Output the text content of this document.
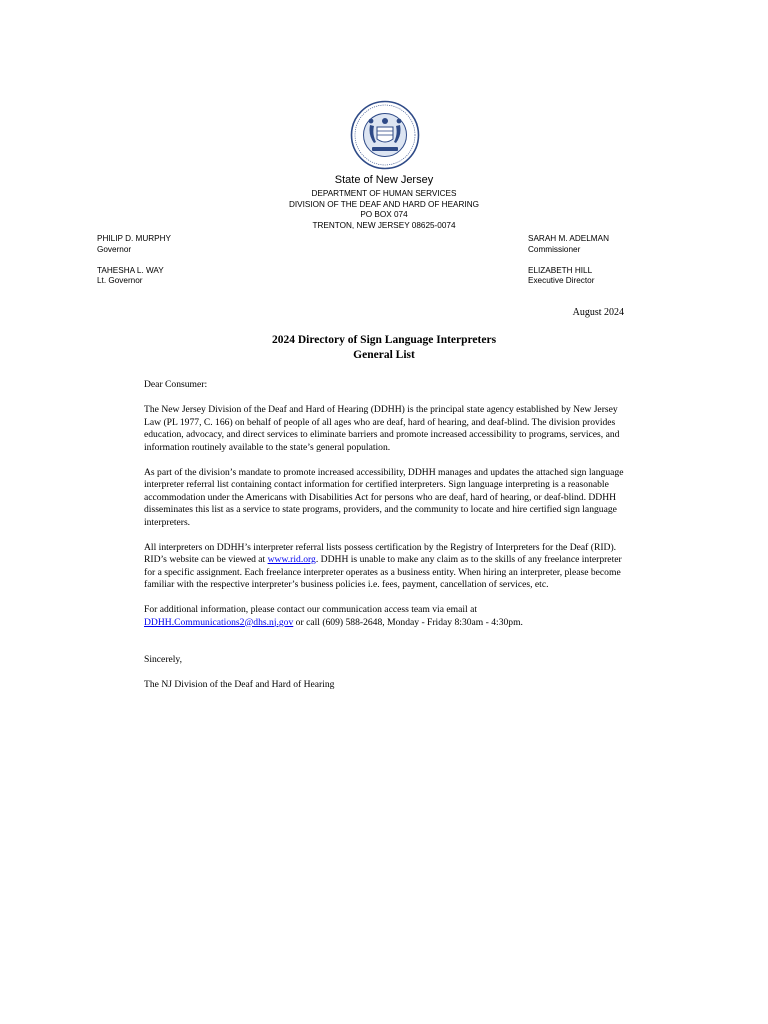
State of New Jersey
DEPARTMENT OF HUMAN SERVICES
DIVISION OF THE DEAF AND HARD OF HEARING
PO BOX 074
TRENTON, NEW JERSEY 08625-0074
PHILIP D. MURPHY
Governor
TAHESHA L. WAY
Lt. Governor
SARAH M. ADELMAN
Commissioner
ELIZABETH HILL
Executive Director
August 2024
2024 Directory of Sign Language Interpreters
General List

Dear Consumer:

The New Jersey Division of the Deaf and Hard of Hearing (DDHH) is the principal state agency established by New Jersey Law (PL 1977, C. 166) on behalf of people of all ages who are deaf, hard of hearing, and deaf-blind. The division provides education, advocacy, and direct services to eliminate barriers and promote increased accessibility to programs, services, and information routinely available to the state’s general population.

As part of the division’s mandate to promote increased accessibility, DDHH manages and updates the attached sign language interpreter referral list containing contact information for certified interpreters. Sign language interpreting is a reasonable accommodation under the Americans with Disabilities Act for persons who are deaf, hard of hearing, or deaf-blind. DDHH disseminates this list as a service to state programs, providers, and the community to locate and hire certified sign language interpreters.

All interpreters on DDHH’s interpreter referral lists possess certification by the Registry of Interpreters for the Deaf (RID). RID’s website can be viewed at www.rid.org. DDHH is unable to make any claim as to the skills of any freelance interpreter for a specific assignment. Each freelance interpreter operates as a business entity. When hiring an interpreter, please become familiar with the respective interpreter’s business policies i.e. fees, payment, cancellation of services, etc.

For additional information, please contact our communication access team via email at DDHH.Communications2@dhs.nj.gov or call (609) 588-2648, Monday - Friday 8:30am - 4:30pm.

Sincerely,

The NJ Division of the Deaf and Hard of Hearing
